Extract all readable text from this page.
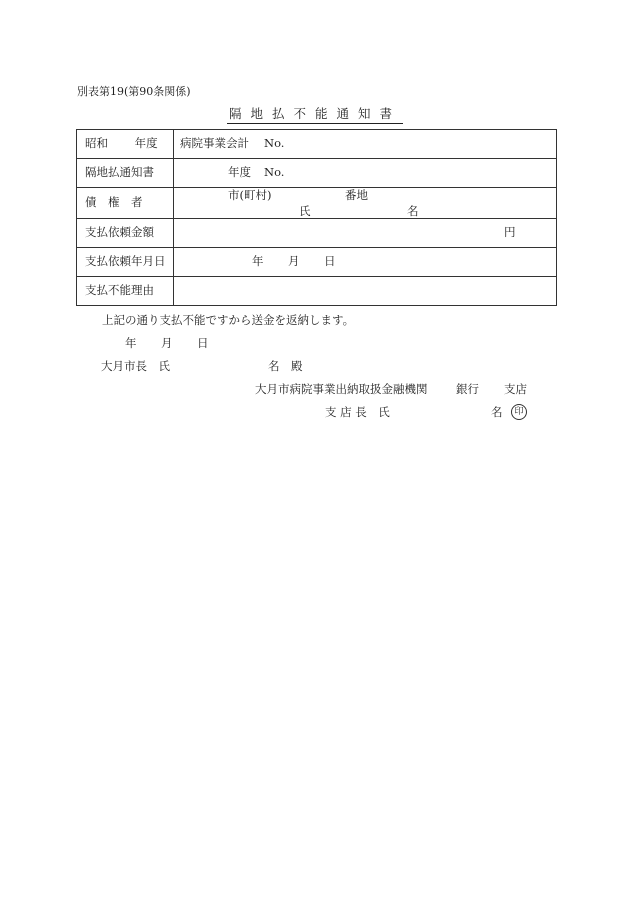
別表第19(第90条関係)
隔地払不能通知書
昭和　　 年度	病院事業会計 No.

隔地払通知書	年度 No.

債　権　者	市(町村) 番地
氏 名

支払依頼金額	円

支払依頼年月日	年 月 日

支払不能理由	

上記の通り支払不能ですから送金を返納します。
年 月 日
大月市長　氏	名　殿
大月市病院事業出納取扱金融機関 銀行 支店
支 店 長　氏	名	印
